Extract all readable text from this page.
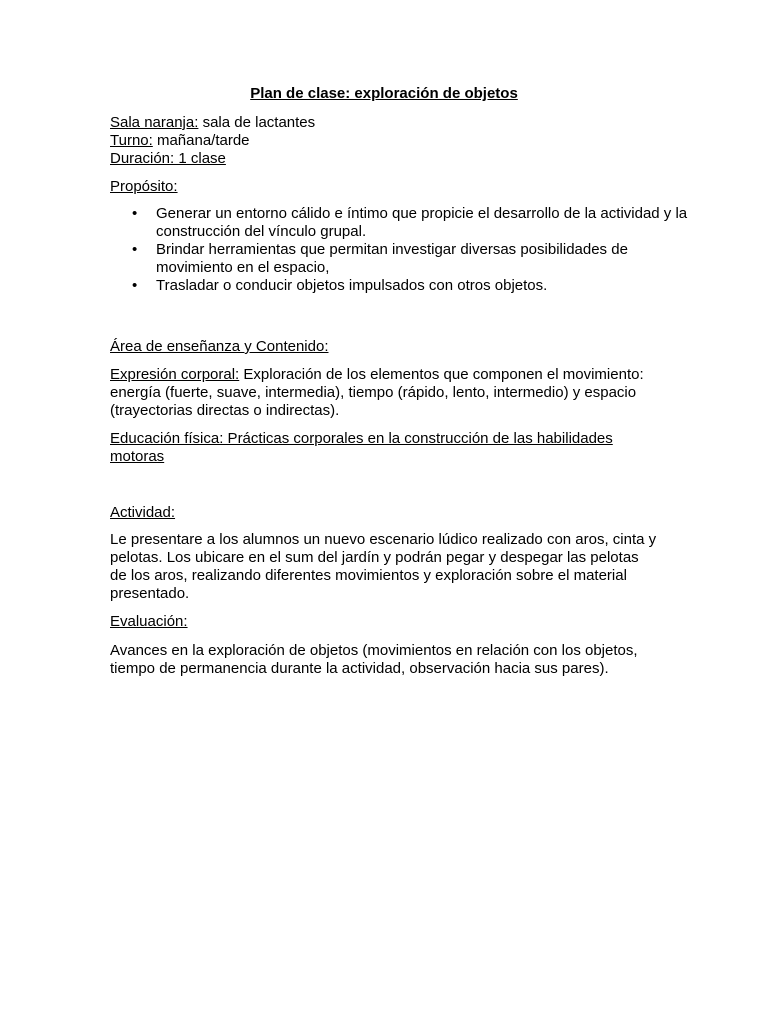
Plan de clase: exploración de objetos
Sala naranja: sala de lactantes
Turno: mañana/tarde
Duración: 1 clase
Propósito:
• Generar un entorno cálido e íntimo que propicie el desarrollo de la actividad y la construcción del vínculo grupal.
• Brindar herramientas que permitan investigar diversas posibilidades de movimiento en el espacio,
• Trasladar o conducir objetos impulsados con otros objetos.
Área de enseñanza y Contenido:
Expresión corporal: Exploración de los elementos que componen el movimiento: energía (fuerte, suave, intermedia), tiempo (rápido, lento, intermedio) y espacio (trayectorias directas o indirectas).
Educación física: Prácticas corporales en la construcción de las habilidades motoras
Actividad:
Le presentare a los alumnos un nuevo escenario lúdico realizado con aros, cinta y pelotas. Los ubicare en el sum del jardín y podrán pegar y despegar las pelotas de los aros, realizando diferentes movimientos y exploración sobre el material presentado.
Evaluación:
Avances en la exploración de objetos (movimientos en relación con los objetos, tiempo de permanencia durante la actividad, observación hacia sus pares).
